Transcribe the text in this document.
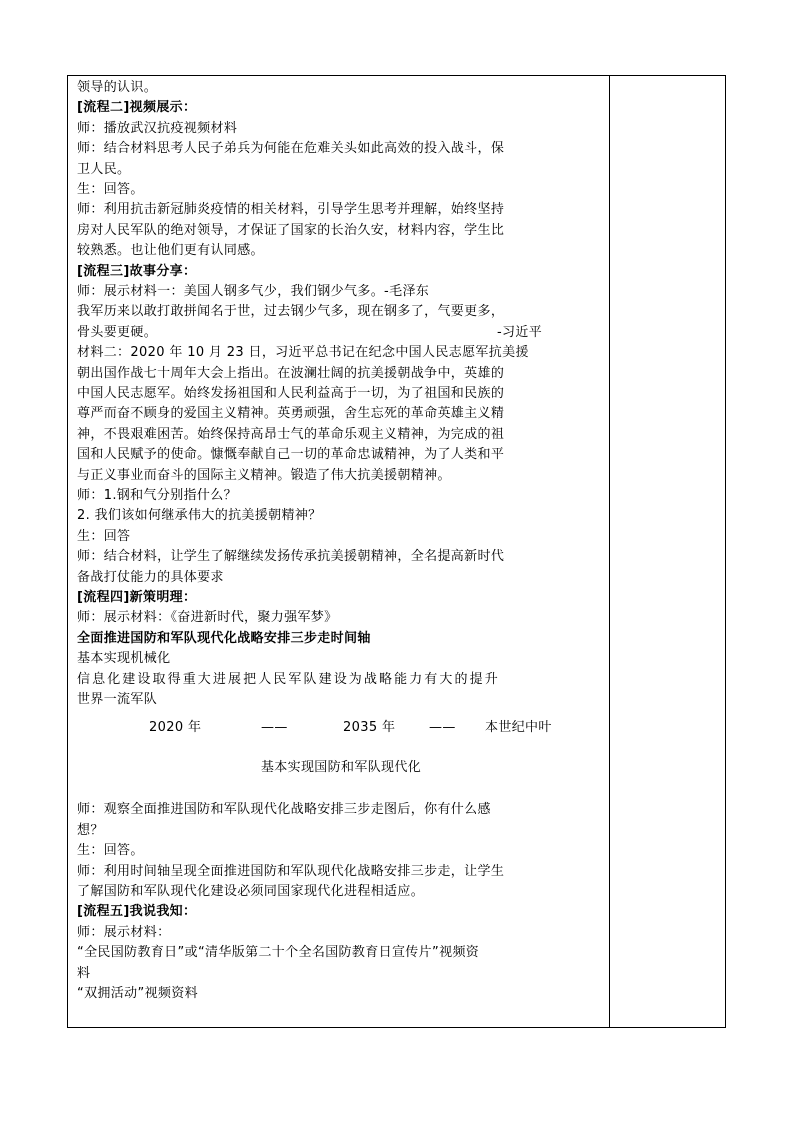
领导的认识。
[流程二]视频展示：
师：播放武汉抗疫视频材料
师：结合材料思考人民子弟兵为何能在危难关头如此高效的投入战斗，保
卫人民。
生：回答。
师：利用抗击新冠肺炎疫情的相关材料，引导学生思考并理解，始终坚持
房对人民军队的绝对领导，才保证了国家的长治久安，材料内容，学生比
较熟悉。也让他们更有认同感。
[流程三]故事分享：
师：展示材料一：美国人钢多气少，我们钢少气多。-毛泽东
我军历来以敢打敢拼闻名于世，过去钢少气多，现在钢多了，气要更多，
骨头要更硬。	-习近平
材料二：2020 年 10 月 23 日，习近平总书记在纪念中国人民志愿军抗美援
朝出国作战七十周年大会上指出。在波澜壮阔的抗美援朝战争中，英雄的
中国人民志愿军。始终发扬祖国和人民利益高于一切，为了祖国和民族的
尊严而奋不顾身的爱国主义精神。英勇顽强，舍生忘死的革命英雄主义精
神，不畏艰难困苦。始终保持高昂士气的革命乐观主义精神，为完成的祖
国和人民赋予的使命。慷慨奉献自己一切的革命忠诚精神，为了人类和平
与正义事业而奋斗的国际主义精神。锻造了伟大抗美援朝精神。
师：1.钢和气分别指什么？
2. 我们该如何继承伟大的抗美援朝精神？
生：回答
师：结合材料，让学生了解继续发扬传承抗美援朝精神，全名提高新时代
备战打仗能力的具体要求
[流程四]新策明理：
师：展示材料：《奋进新时代，聚力强军梦》
全面推进国防和军队现代化战略安排三步走时间轴
基本实现机械化
信息化建设取得重大进展把人民军队建设为战略能力有大的提升
世界一流军队
2020 年	——	2035 年	—— 本世纪中叶
基本实现国防和军队现代化
师：观察全面推进国防和军队现代化战略安排三步走图后，你有什么感
想？
生：回答。
师：利用时间轴呈现全面推进国防和军队现代化战略安排三步走，让学生
了解国防和军队现代化建设必须同国家现代化进程相适应。
[流程五]我说我知：
师：展示材料：
“全民国防教育日”或“清华版第二十个全名国防教育日宣传片”视频资
料
“双拥活动”视频资料
